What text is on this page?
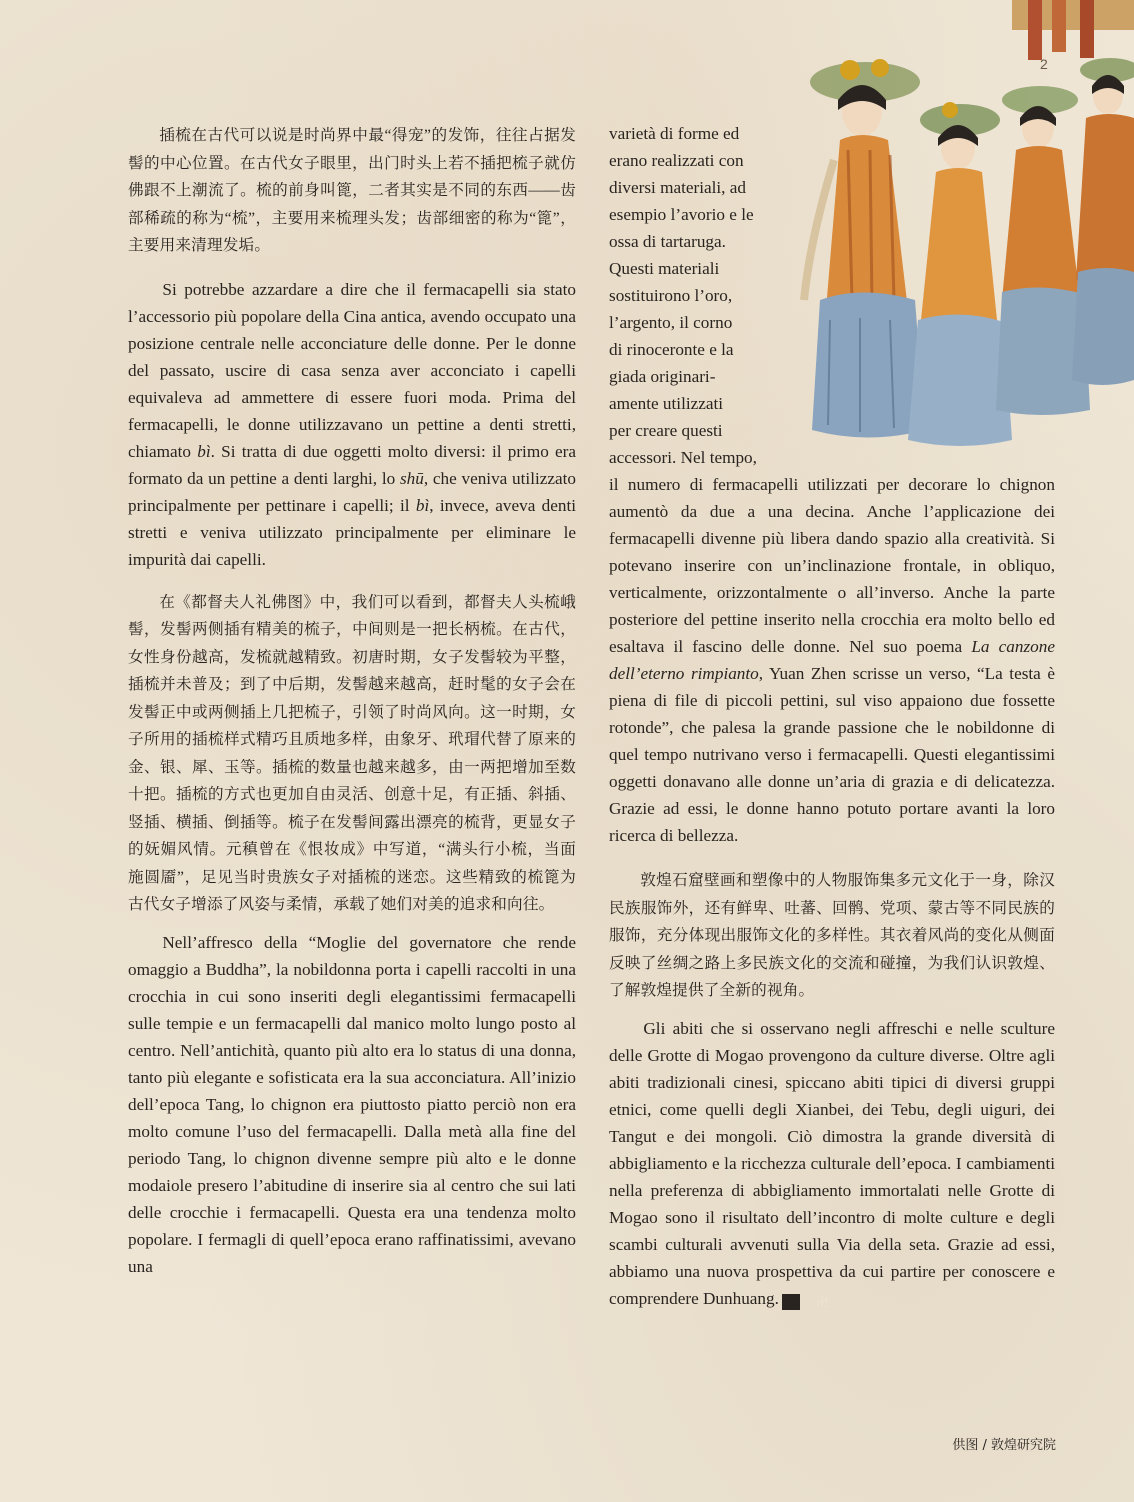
2

插梳在古代可以说是时尚界中最“得宠”的发饰，往往占据发髻的中心位置。在古代女子眼里，出门时头上若不插把梳子就仿佛跟不上潮流了。梳的前身叫篦，二者其实是不同的东西——齿部稀疏的称为“梳”，主要用来梳理头发；齿部细密的称为“篦”，主要用来清理发垢。

Si potrebbe azzardare a dire che il fermacapelli sia stato l’accessorio più popolare della Cina antica, avendo occupato una posizione centrale nelle acconciature delle donne. Per le donne del passato, uscire di casa senza aver acconciato i capelli equivaleva ad ammettere di essere fuori moda. Prima del fermacapelli, le donne utilizzavano un pettine a denti stretti, chiamato bì. Si tratta di due oggetti molto diversi: il primo era formato da un pettine a denti larghi, lo shū, che veniva utilizzato principalmente per pettinare i capelli; il bì, invece, aveva denti stretti e veniva utilizzato principalmente per eliminare le impurità dai capelli.

在《都督夫人礼佛图》中，我们可以看到，都督夫人头梳峨髻，发髻两侧插有精美的梳子，中间则是一把长柄梳。在古代，女性身份越高，发梳就越精致。初唐时期，女子发髻较为平整，插梳并未普及；到了中后期，发髻越来越高，赶时髦的女子会在发髻正中或两侧插上几把梳子，引领了时尚风向。这一时期，女子所用的插梳样式精巧且质地多样，由象牙、玳瑁代替了原来的金、银、犀、玉等。插梳的数量也越来越多，由一两把增加至数十把。插梳的方式也更加自由灵活、创意十足，有正插、斜插、竖插、横插、倒插等。梳子在发髻间露出漂亮的梳背，更显女子的妩媚风情。元稹曾在《恨妆成》中写道，“满头行小梳，当面施圆靥”，足见当时贵族女子对插梳的迷恋。这些精致的梳篦为古代女子增添了风姿与柔情，承载了她们对美的追求和向往。

Nell’affresco della “Moglie del governatore che rende omaggio a Buddha”, la nobildonna porta i capelli raccolti in una crocchia in cui sono inseriti degli elegantissimi fermacapelli sulle tempie e un fermacapelli dal manico molto lungo posto al centro. Nell’antichità, quanto più alto era lo status di una donna, tanto più elegante e sofisticata era la sua acconciatura. All’inizio dell’epoca Tang, lo chignon era piuttosto piatto perciò non era molto comune l’uso del fermacapelli. Dalla metà alla fine del periodo Tang, lo chignon divenne sempre più alto e le donne modaiole presero l’abitudine di inserire sia al centro che sui lati delle crocchie i fermacapelli. Questa era una tendenza molto popolare. I fermagli di quell’epoca erano raffinatissimi, avevano una

varietà di forme ed

erano realizzati con

diversi materiali, ad

esempio l’avorio e le

ossa di tartaruga.

Questi materiali

sostituirono l’oro,

l’argento, il corno

di rinoceronte e la

giada originari-

amente utilizzati

per creare questi

accessori. Nel tempo,

il numero di fermacapelli utilizzati per decorare lo chignon aumentò da due a una decina. Anche l’applicazione dei fermacapelli divenne più libera dando spazio alla creatività. Si potevano inserire con un’inclinazione frontale, in obliquo, verticalmente, orizzontalmente o all’inverso. Anche la parte posteriore del pettine inserito nella crocchia era molto bello ed esaltava il fascino delle donne. Nel suo poema La canzone dell’eterno rimpianto, Yuan Zhen scrisse un verso, “La testa è piena di file di piccoli pettini, sul viso appaiono due fossette rotonde”, che palesa la grande passione che le nobildonne di quel tempo nutrivano verso i fermacapelli. Questi elegantissimi oggetti donavano alle donne un’aria di grazia e di delicatezza. Grazie ad essi, le donne hanno potuto portare avanti la loro ricerca di bellezza.

敦煌石窟壁画和塑像中的人物服饰集多元文化于一身，除汉民族服饰外，还有鲜卑、吐蕃、回鹘、党项、蒙古等不同民族的服饰，充分体现出服饰文化的多样性。其衣着风尚的变化从侧面反映了丝绸之路上多民族文化的交流和碰撞，为我们认识敦煌、了解敦煌提供了全新的视角。

Gli abiti che si osservano negli affreschi e nelle sculture delle Grotte di Mogao provengono da culture diverse. Oltre agli abiti tradizionali cinesi, spiccano abiti tipici di diversi gruppi etnici, come quelli degli Xianbei, dei Tebu, degli uiguri, dei Tangut e dei mongoli. Ciò dimostra la grande diversità di abbigliamento e la ricchezza culturale dell’epoca. I cambiamenti nella preferenza di abbigliamento immortalati nelle Grotte di Mogao sono il risultato dell’incontro di molte culture e degli scambi culturali avvenuti sulla Via della seta. Grazie ad essi, abbiamo una nuova prospettiva da cui partire per conoscere e comprendere Dunhuang.	卍

供图 / 敦煌研究院
